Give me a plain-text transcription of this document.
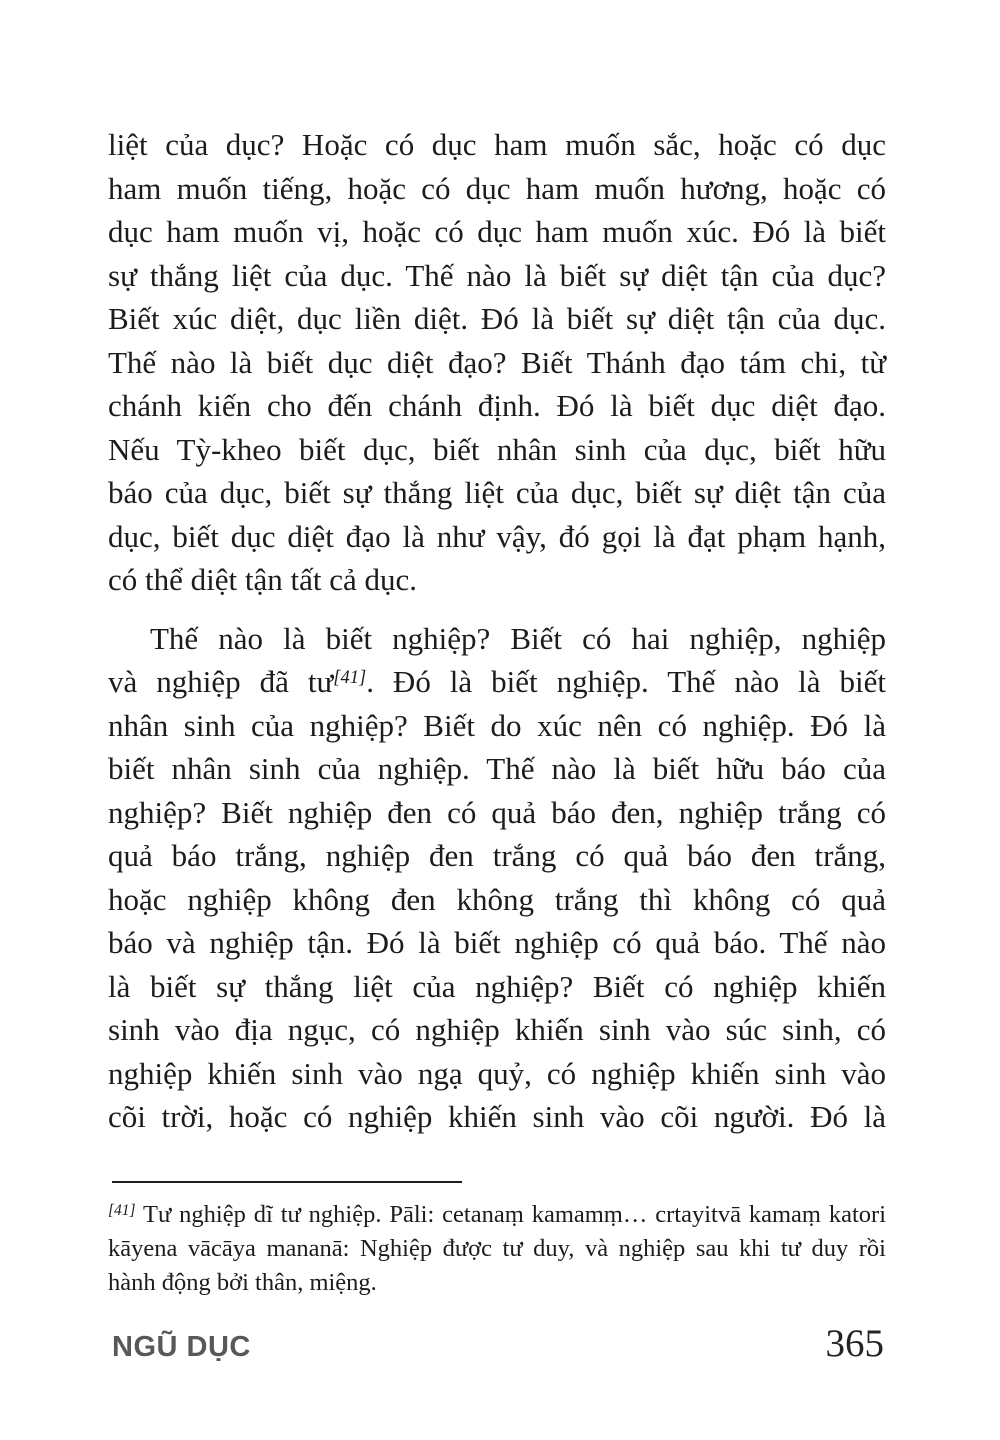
liệt của dục? Hoặc có dục ham muốn sắc, hoặc có dục
ham muốn tiếng, hoặc có dục ham muốn hương, hoặc có
dục ham muốn vị, hoặc có dục ham muốn xúc. Đó là biết
sự thắng liệt của dục. Thế nào là biết sự diệt tận của dục?
Biết xúc diệt, dục liền diệt. Đó là biết sự diệt tận của dục.
Thế nào là biết dục diệt đạo? Biết Thánh đạo tám chi, từ
chánh kiến cho đến chánh định. Đó là biết dục diệt đạo.
Nếu Tỳ-kheo biết dục, biết nhân sinh của dục, biết hữu
báo của dục, biết sự thắng liệt của dục, biết sự diệt tận của
dục, biết dục diệt đạo là như vậy, đó gọi là đạt phạm hạnh,
có thể diệt tận tất cả dục.
Thế nào là biết nghiệp? Biết có hai nghiệp, nghiệp
và nghiệp đã tư[41]. Đó là biết nghiệp. Thế nào là biết
nhân sinh của nghiệp? Biết do xúc nên có nghiệp. Đó là
biết nhân sinh của nghiệp. Thế nào là biết hữu báo của
nghiệp? Biết nghiệp đen có quả báo đen, nghiệp trắng có
quả báo trắng, nghiệp đen trắng có quả báo đen trắng,
hoặc nghiệp không đen không trắng thì không có quả
báo và nghiệp tận. Đó là biết nghiệp có quả báo. Thế nào
là biết sự thắng liệt của nghiệp? Biết có nghiệp khiến
sinh vào địa ngục, có nghiệp khiến sinh vào súc sinh, có
nghiệp khiến sinh vào ngạ quỷ, có nghiệp khiến sinh vào
cõi trời, hoặc có nghiệp khiến sinh vào cõi người. Đó là
[41] Tư nghiệp dĩ tư nghiệp. Pāli: cetanaṃ kamamṃ… crtayitvā kamaṃ katori
kāyena vācāya mananā: Nghiệp được tư duy, và nghiệp sau khi tư duy rồi
hành động bởi thân, miệng.
NGŨ DỤC	365
